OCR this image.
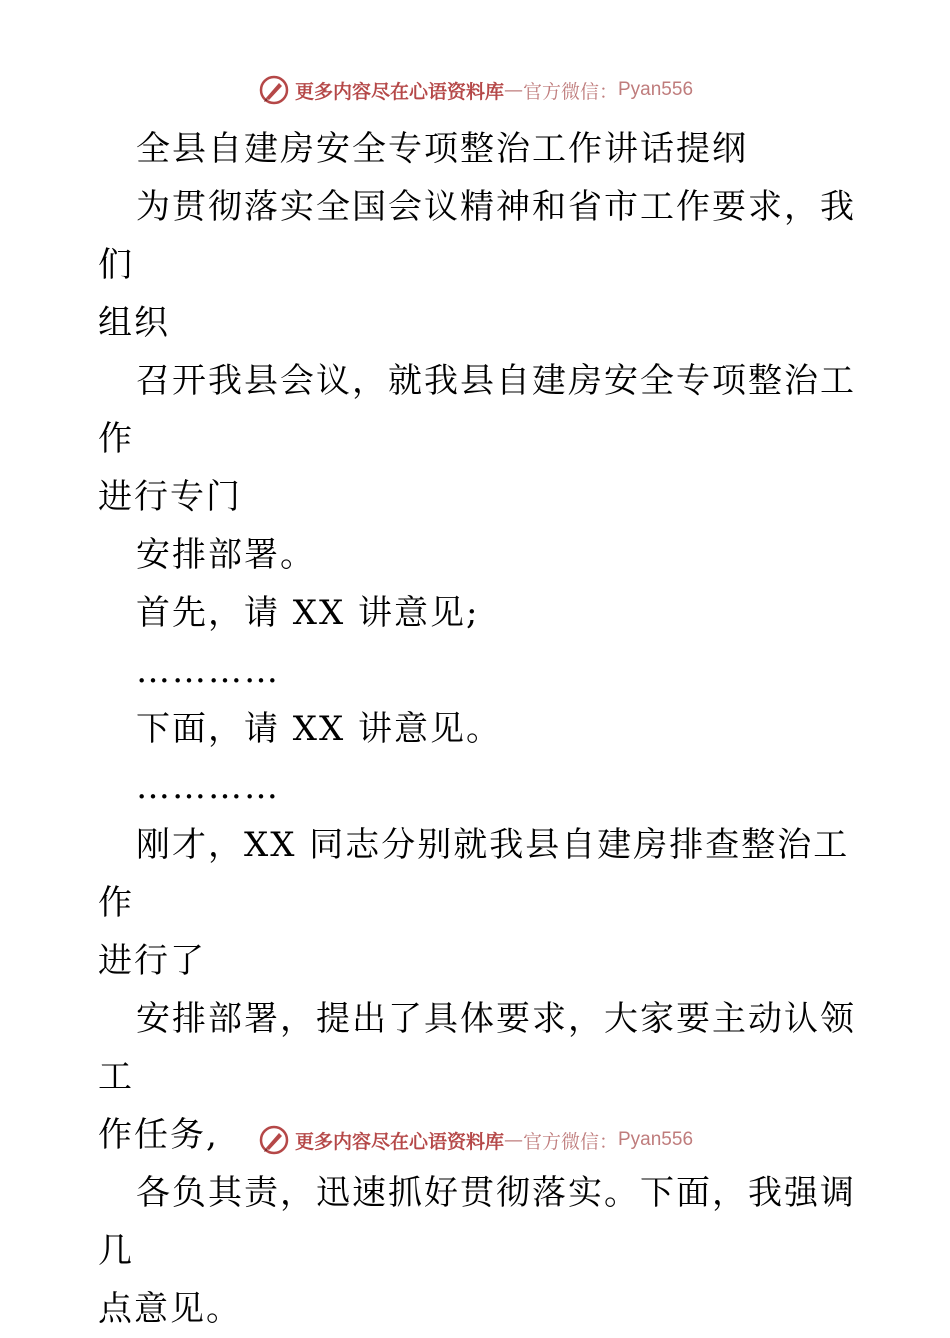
更多内容尽在心语资料库 — 官方微信： Pyan556

全县自建房安全专项整治工作讲话提纲

为贯彻落实全国会议精神和省市工作要求，我们

组织

召开我县会议，就我县自建房安全专项整治工作

进行专门

安排部署。

首先，请 XX 讲意见;

…………

下面，请 XX 讲意见。

…………

刚才，XX 同志分别就我县自建房排查整治工作

进行了

安排部署，提出了具体要求，大家要主动认领工

作任务,

各负其责，迅速抓好贯彻落实。下面，我强调几

点意见。

更多内容尽在心语资料库 — 官方微信： Pyan556
